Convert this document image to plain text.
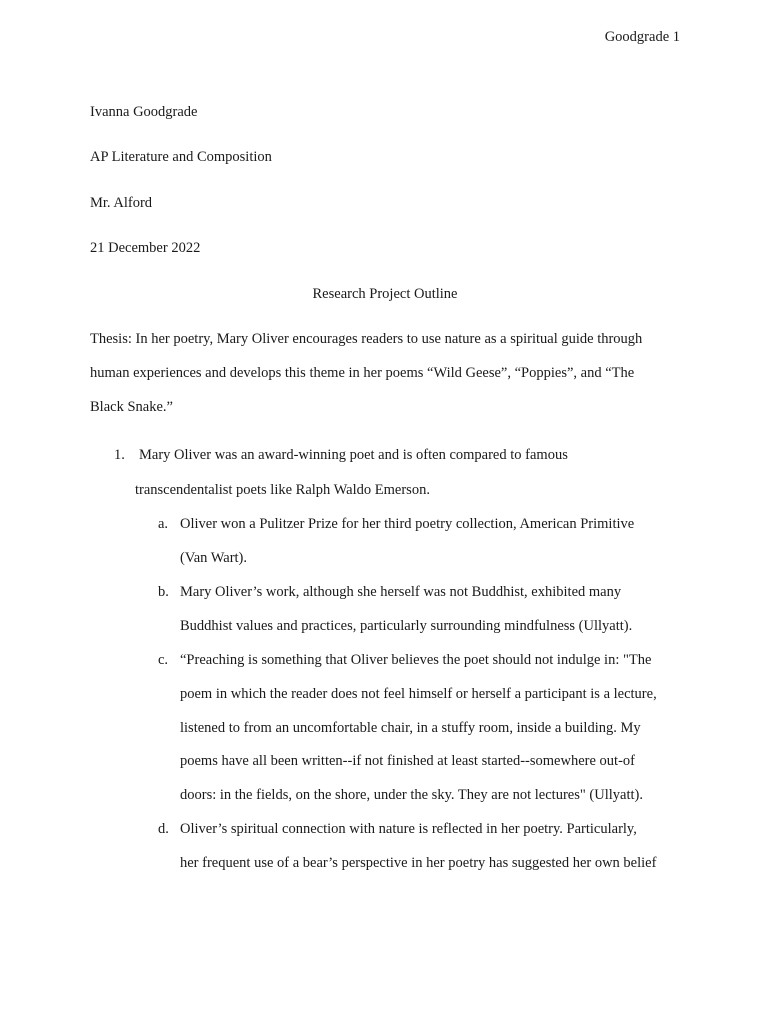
Goodgrade 1
Ivanna Goodgrade
AP Literature and Composition
Mr. Alford
21 December 2022
Research Project Outline
Thesis: In her poetry, Mary Oliver encourages readers to use nature as a spiritual guide through
human experiences and develops this theme in her poems “Wild Geese”, “Poppies”, and “The
Black Snake.”
1. Mary Oliver was an award-winning poet and is often compared to famous
transcendentalist poets like Ralph Waldo Emerson.
a. Oliver won a Pulitzer Prize for her third poetry collection, American Primitive
(Van Wart).
b. Mary Oliver’s work, although she herself was not Buddhist, exhibited many
Buddhist values and practices, particularly surrounding mindfulness (Ullyatt).
c. “Preaching is something that Oliver believes the poet should not indulge in: "The
poem in which the reader does not feel himself or herself a participant is a lecture,
listened to from an uncomfortable chair, in a stuffy room, inside a building. My
poems have all been written--if not finished at least started--somewhere out-of
doors: in the fields, on the shore, under the sky. They are not lectures" (Ullyatt).
d. Oliver’s spiritual connection with nature is reflected in her poetry. Particularly,
her frequent use of a bear’s perspective in her poetry has suggested her own belief
